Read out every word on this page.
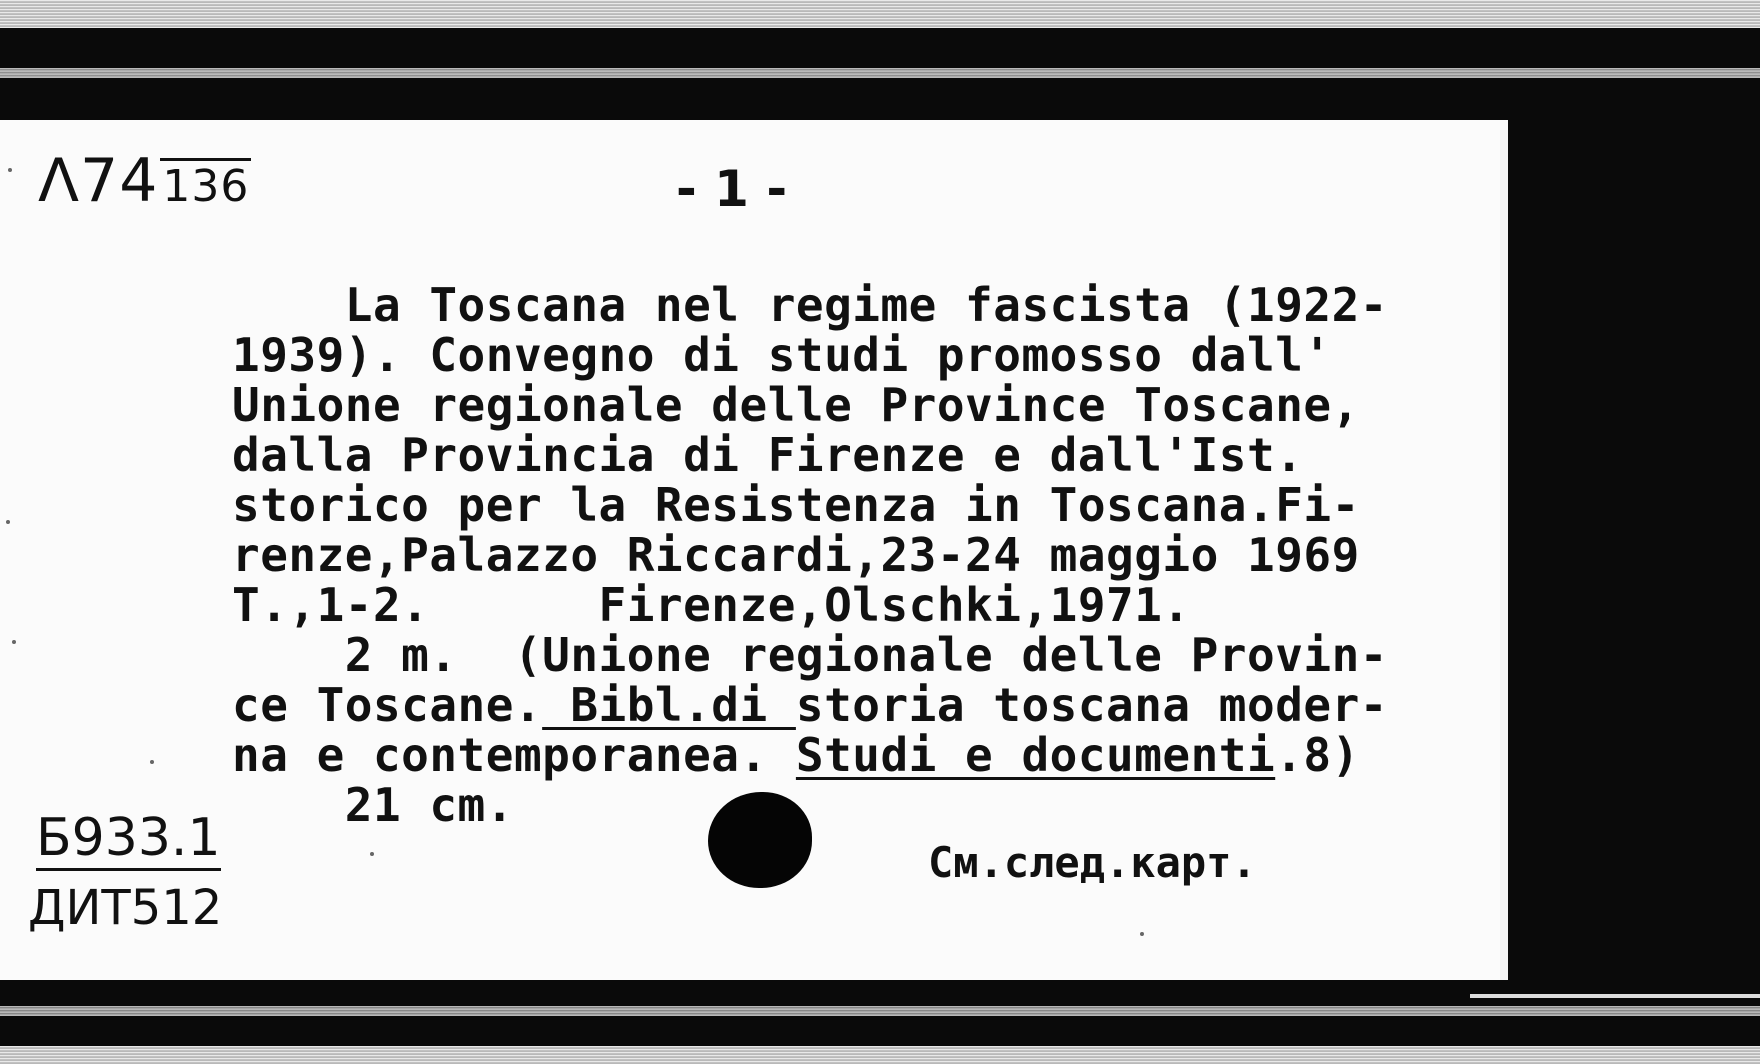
Λ74136	- 1 -
La Toscana nel regime fascista (1922-
1939). Convegno di studi promosso dall'
Unione regionale delle Province Toscane,
dalla Provincia di Firenze e dall'Ist.
storico per la Resistenza in Toscana.Fi-
renze,Palazzo Riccardi,23-24 maggio 1969
T.,1-2.      Firenze,Olschki,1971.
2 m.  (Unione regionale delle Provin-
ce Toscane. Bibl.di storia toscana moder-
na e contemporanea. Studi e documenti.8)
21 cm.
Б933.1
ДИТ512
См.след.карт.
